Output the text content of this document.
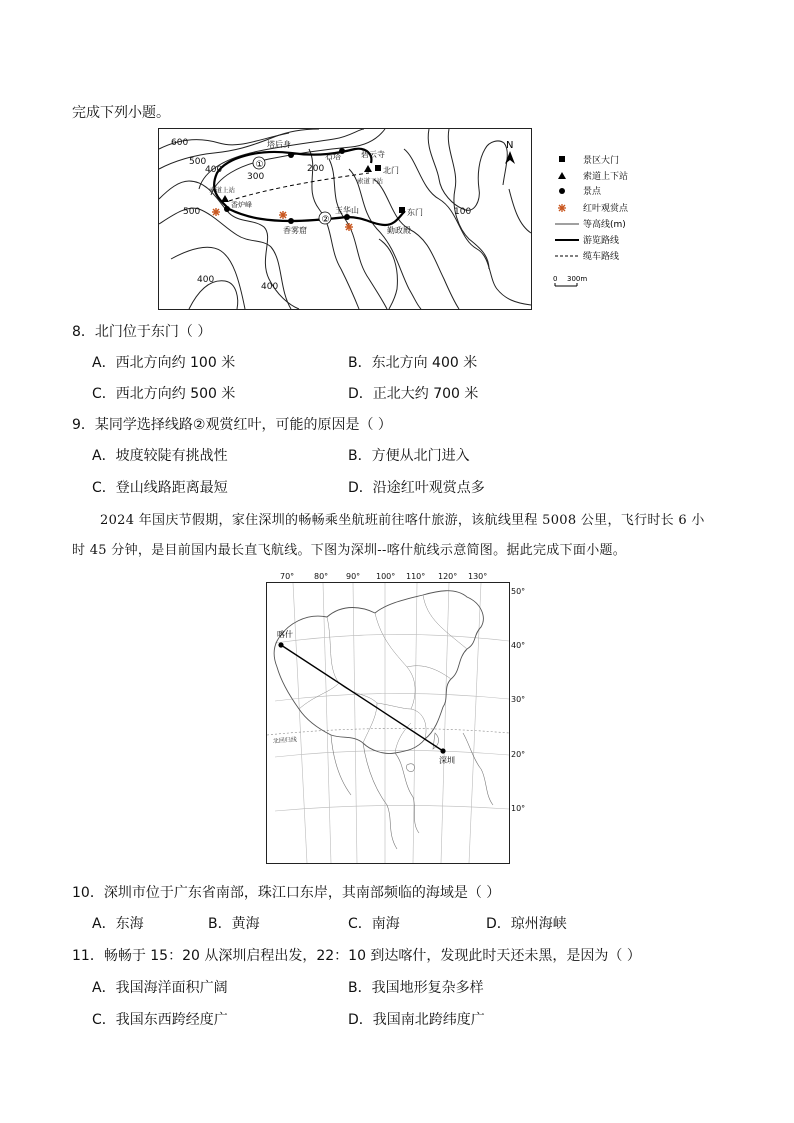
完成下列小题。
①
②
N
600
500
400
300
200
100
400
400
500
塔后身
石塔	碧云寺
北门
索道下站
索道上站
香炉峰
香雾窟
玉华山	东门
勤政殿
景区大门
索道上下站
景点
红叶观赏点
等高线(m)
游览路线
缆车路线
0 300m
8．北门位于东门（ ）
A．西北方向约 100 米	B．东北方向 400 米
C．西北方向约 500 米	D．正北大约 700 米
9．某同学选择线路②观赏红叶，可能的原因是（ ）
A．坡度较陡有挑战性	B．方便从北门进入
C．登山线路距离最短	D．沿途红叶观赏点多
2024 年国庆节假期，家住深圳的畅畅乘坐航班前往喀什旅游，该航线里程 5008 公里，飞行时长 6 小
时 45 分钟，是目前国内最长直飞航线。下图为深圳--喀什航线示意简图。据此完成下面小题。
喀什
深圳
北回归线
70° 80° 90° 100° 110° 120° 130°
50°
40°
30°
20°
10°
10．深圳市位于广东省南部，珠江口东岸，其南部频临的海域是（ ）
A．东海	B．黄海	C．南海	D．琼州海峡
11．畅畅于 15：20 从深圳启程出发，22：10 到达喀什，发现此时天还未黑，是因为（ ）
A．我国海洋面积广阔	B．我国地形复杂多样
C．我国东西跨经度广	D．我国南北跨纬度广
